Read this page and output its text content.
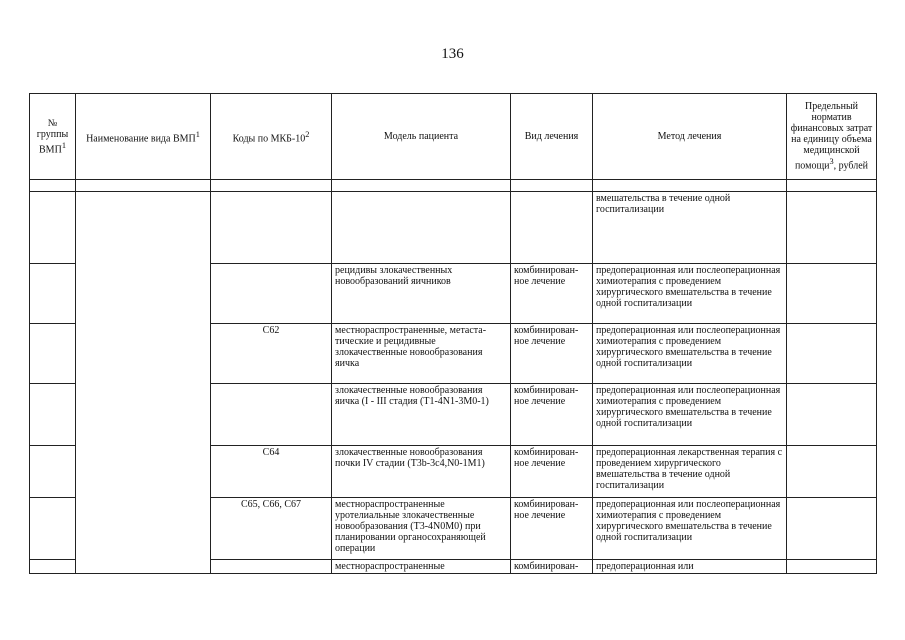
136
№ группы ВМП$^1$	Наименование вида ВМП$^1$	Коды по МКБ-$10^2$	Модель пациента	Вид лечения	Метод лечения	Предельный норматив финансовых затрат на единицу объема медицинской помощи$^3$, рублей

					вмешательства в течение одной госпитализации	
			рецидивы злокачественных новообразований яичников	комбинирован-ное лечение	предоперационная или послеоперационная химиотерапия с проведением хирургического вмешательства в течение одной госпитализации	
		C62	местнораспространенные, метаста-тические и рецидивные злокачественные новообразования яичка	комбинирован-ное лечение	предоперационная или послеоперационная химиотерапия с проведением хирургического вмешательства в течение одной госпитализации	
			злокачественные новообразования яичка (I - III стадия (T1-4N1-3M0-1)	комбинирован-ное лечение	предоперационная или послеоперационная химиотерапия с проведением хирургического вмешательства в течение одной госпитализации	
		C64	злокачественные новообразования почки IV стадии (T3b-3c4,N0-1M1)	комбинирован-ное лечение	предоперационная лекарственная терапия с проведением хирургического вмешательства в течение одной госпитализации	
		C65, C66, C67	местнораспространенные уротелиальные злокачественные новообразования (T3-4N0M0) при планировании органосохраняющей операции	комбинирован-ное лечение	предоперационная или послеоперационная химиотерапия с проведением хирургического вмешательства в течение одной госпитализации	
			местнораспространенные	комбинирован-	предоперационная или	
